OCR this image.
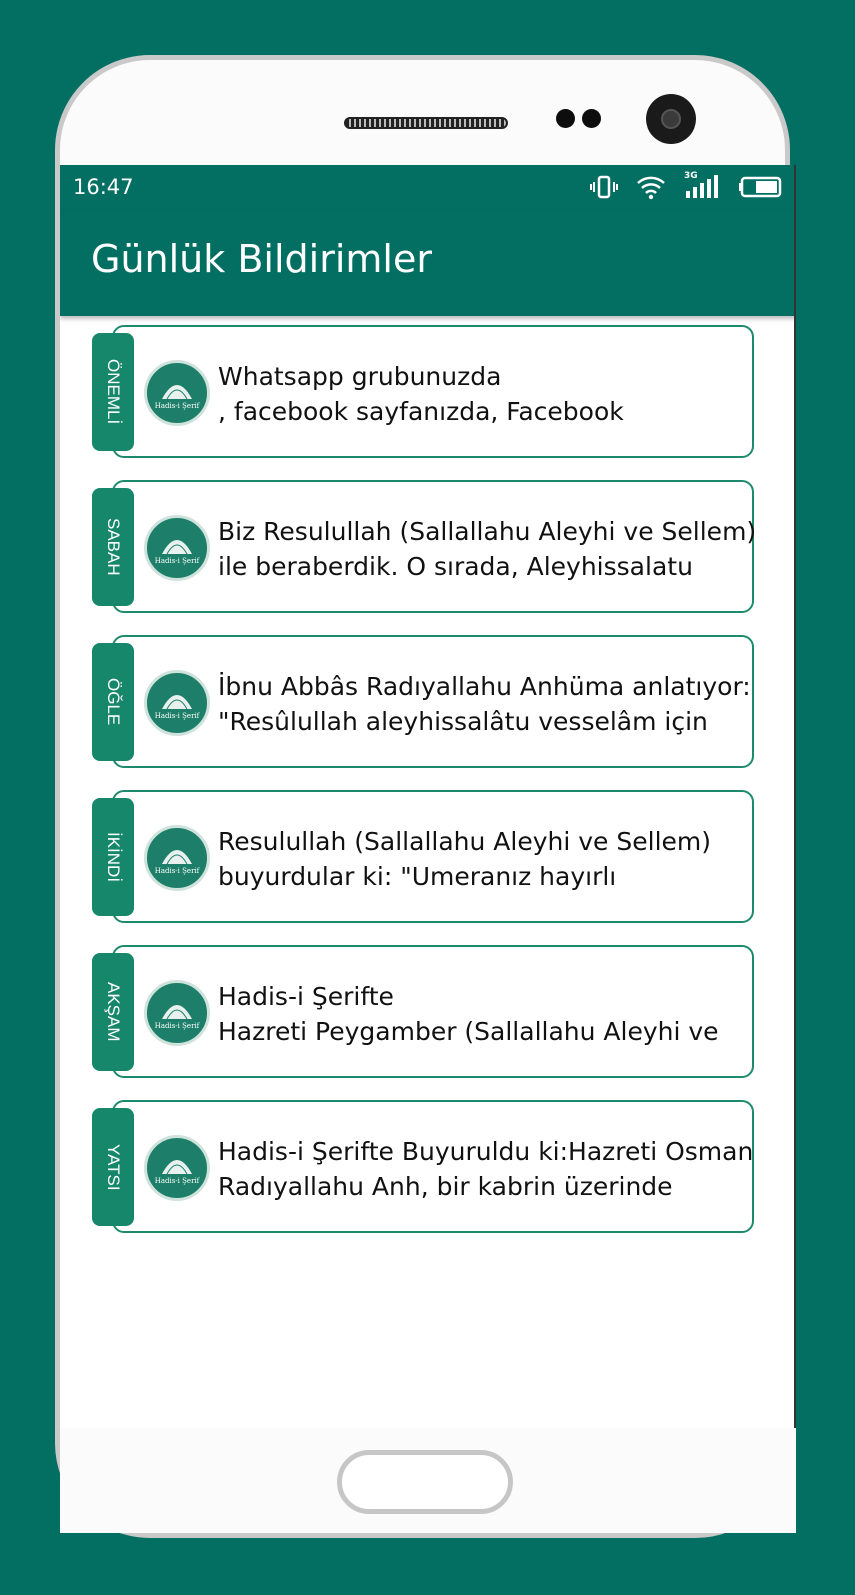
16:47	3G
Günlük Bildirimler
Hadis-i Şerif
Whatsapp grubunuzda
, facebook sayfanızda, Facebook
ÖNEMLİ
Hadis-i Şerif
Biz Resulullah (Sallallahu Aleyhi ve Sellem)
ile beraberdik. O sırada, Aleyhissalatu
SABAH
Hadis-i Şerif
İbnu Abbâs Radıyallahu Anhüma anlatıyor:
"Resûlullah aleyhissalâtu vesselâm için
ÖĞLE
Hadis-i Şerif
Resulullah (Sallallahu Aleyhi ve Sellem)
buyurdular ki: "Umeranız hayırlı
İKİNDİ
Hadis-i Şerif
Hadis-i Şerifte
Hazreti Peygamber (Sallallahu Aleyhi ve
AKŞAM
Hadis-i Şerif
Hadis-i Şerifte Buyuruldu ki:Hazreti Osman
Radıyallahu Anh, bir kabrin üzerinde
YATSI
